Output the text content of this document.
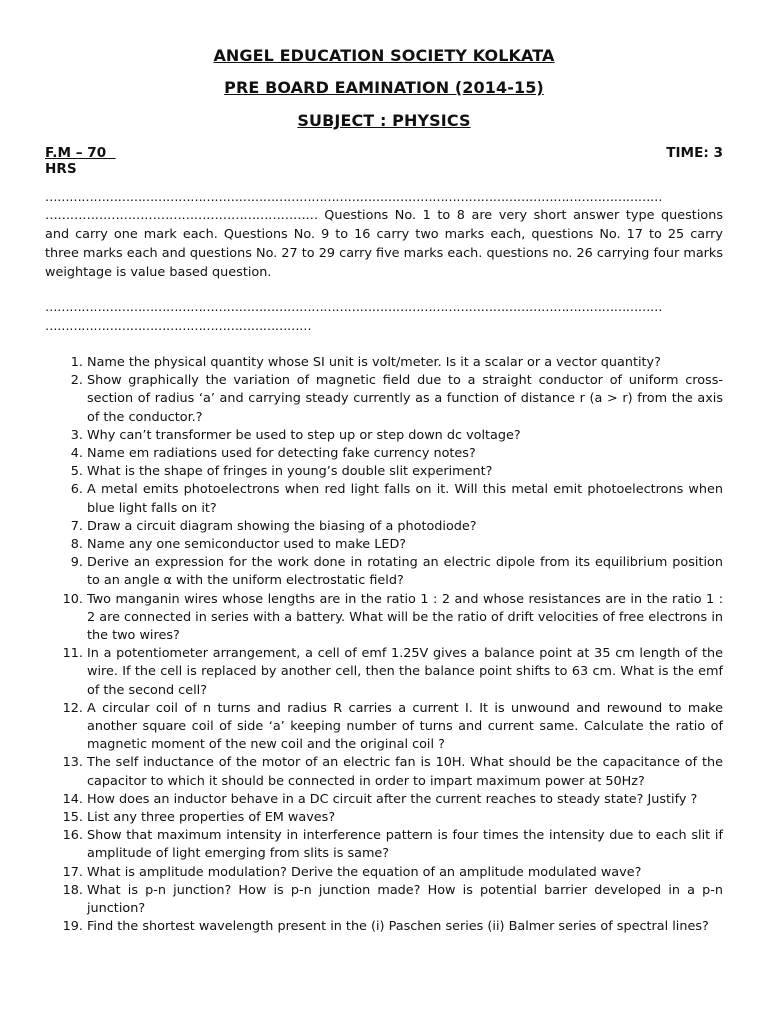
ANGEL EDUCATION SOCIETY KOLKATA
PRE BOARD EAMINATION (2014-15)
SUBJECT : PHYSICS
F.M – 70	TIME: 3
HRS
………………………………………………………………………………………………………………………………………
………………………………………………………… Questions No. 1 to 8 are very short answer type questions and carry one mark each. Questions No. 9 to 16 carry two marks each, questions No. 17 to 25 carry three marks each and questions No. 27 to 29 carry five marks each. questions no. 26 carrying four marks weightage is value based question.
………………………………………………………………………………………………………………………………………
…………………………………………………………
1. Name the physical quantity whose SI unit is volt/meter. Is it a scalar or a vector quantity?
2. Show graphically the variation of magnetic field due to a straight conductor of uniform cross-section of radius ‘a’ and carrying steady currently as a function of distance r (a > r) from the axis of the conductor.?
3. Why can’t transformer be used to step up or step down dc voltage?
4. Name em radiations used for detecting fake currency notes?
5. What is the shape of fringes in young’s double slit experiment?
6. A metal emits photoelectrons when red light falls on it. Will this metal emit photoelectrons when blue light falls on it?
7. Draw a circuit diagram showing the biasing of a photodiode?
8. Name any one semiconductor used to make LED?
9. Derive an expression for the work done in rotating an electric dipole from its equilibrium position to an angle α with the uniform electrostatic field?
10. Two manganin wires whose lengths are in the ratio 1 : 2 and whose resistances are in the ratio 1 : 2 are connected in series with a battery. What will be the ratio of drift velocities of free electrons in the two wires?
11. In a potentiometer arrangement, a cell of emf 1.25V gives a balance point at 35 cm length of the wire. If the cell is replaced by another cell, then the balance point shifts to 63 cm. What is the emf of the second cell?
12. A circular coil of n turns and radius R carries a current I. It is unwound and rewound to make another square coil of side ‘a’ keeping number of turns and current same. Calculate the ratio of magnetic moment of the new coil and the original coil ?
13. The self inductance of the motor of an electric fan is 10H. What should be the capacitance of the capacitor to which it should be connected in order to impart maximum power at 50Hz?
14. How does an inductor behave in a DC circuit after the current reaches to steady state? Justify ?
15. List any three properties of EM waves?
16. Show that maximum intensity in interference pattern is four times the intensity due to each slit if amplitude of light emerging from slits is same?
17. What is amplitude modulation? Derive the equation of an amplitude modulated wave?
18. What is p-n junction? How is p-n junction made? How is potential barrier developed in a p-n junction?
19. Find the shortest wavelength present in the (i) Paschen series (ii) Balmer series of spectral lines?
